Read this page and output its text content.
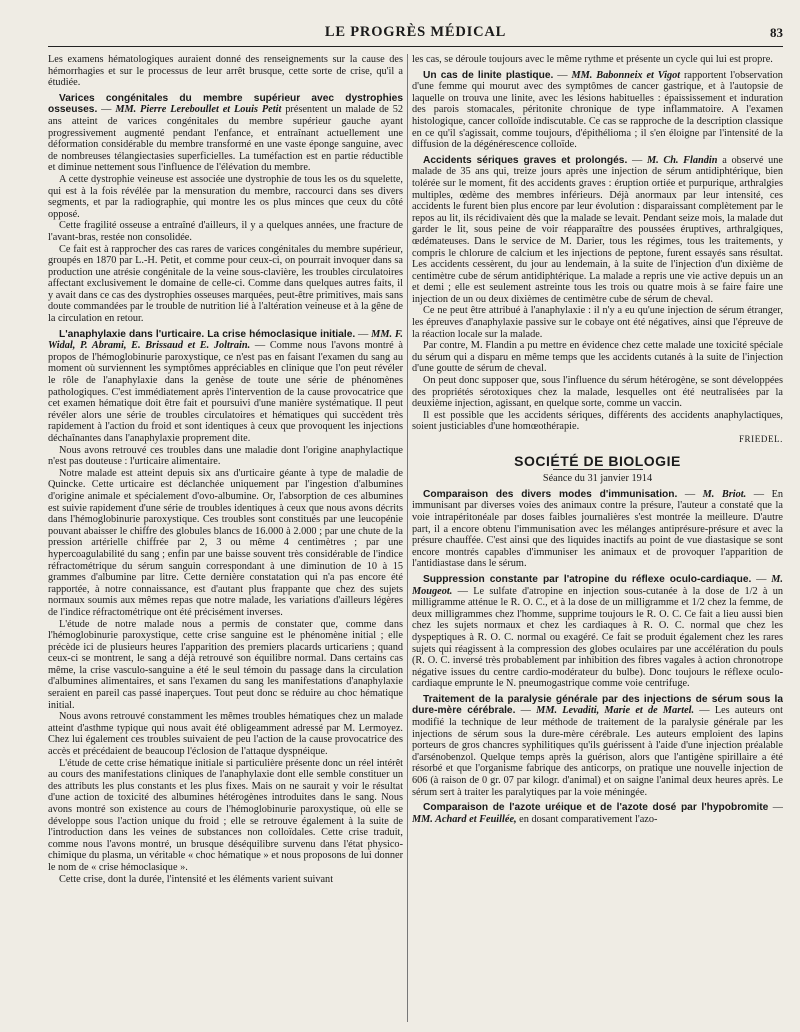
LE PROGRÈS MÉDICAL	83

Les examens hématologiques auraient donné des renseignements sur la cause des hémorrhagies et sur le processus de leur arrêt brusque, cette sorte de crise, qu'il a étudiée.

Varices congénitales du membre supérieur avec dystrophies osseuses. — MM. Pierre Lereboullet et Louis Petit présentent un malade de 52 ans atteint de varices congénitales du membre supérieur gauche ayant progressivement augmenté pendant l'enfance, et entraînant actuellement une déformation considérable du membre transformé en une vaste éponge sanguine, avec de nombreuses télangiectasies superficielles. La tuméfaction est en partie réductible et diminue nettement sous l'influence de l'élévation du membre.

A cette dystrophie veineuse est associée une dystrophie de tous les os du squelette, qui est à la fois révélée par la mensuration du membre, raccourci dans ses divers segments, et par la radiographie, qui montre les os plus minces que ceux du côté opposé.

Cette fragilité osseuse a entraîné d'ailleurs, il y a quelques années, une fracture de l'avant-bras, restée non consolidée.

Ce fait est à rapprocher des cas rares de varices congénitales du membre supérieur, groupés en 1870 par L.-H. Petit, et comme pour ceux-ci, on pourrait invoquer dans sa production une atrésie congénitale de la veine sous-clavière, les troubles circulatoires affectant exclusivement le domaine de celle-ci. Comme dans quelques autres faits, il y avait dans ce cas des dystrophies osseuses marquées, peut-être primitives, mais sans doute commandées par le trouble de nutrition lié à l'altération veineuse et à la gêne de la circulation en retour.

L'anaphylaxie dans l'urticaire. La crise hémoclasique initiale. — MM. F. Widal, P. Abrami, E. Brissaud et E. Joltrain. — Comme nous l'avons montré à propos de l'hémoglobinurie paroxystique, ce n'est pas en faisant l'examen du sang au moment où surviennent les symptômes appréciables en clinique que l'on peut révéler le rôle de l'anaphylaxie dans la genèse de toute une série de phénomènes pathologiques. C'est immédiatement après l'intervention de la cause provocatrice que cet examen hématique doit être fait et poursuivi d'une manière systématique. Il peut révéler alors une série de troubles circulatoires et hématiques qui succèdent très rapidement à l'action du froid et sont identiques à ceux que provoquent les injections déchaînantes dans l'anaphylaxie proprement dite.

Nous avons retrouvé ces troubles dans une maladie dont l'origine anaphylactique n'est pas douteuse : l'urticaire alimentaire.

Notre malade est atteint depuis six ans d'urticaire géante à type de maladie de Quincke. Cette urticaire est déclanchée uniquement par l'ingestion d'albumines d'origine animale et spécialement d'ovo-albumine. Or, l'absorption de ces albumines est suivie rapidement d'une série de troubles identiques à ceux que nous avons décrits dans l'hémoglobinurie paroxystique. Ces troubles sont constitués par une leucopénie pouvant abaisser le chiffre des globules blancs de 16.000 à 2.000 ; par une chute de la pression artérielle chiffrée par 2, 3 ou même 4 centimètres ; par une hypercoagulabilité du sang ; enfin par une baisse souvent très considérable de l'indice réfractométrique du sérum sanguin correspondant à une diminution de 10 à 15 grammes d'albumine par litre. Cette dernière constatation qui n'a pas encore été rapportée, à notre connaissance, est d'autant plus frappante que chez des sujets normaux soumis aux mêmes repas que notre malade, les variations d'ailleurs légères de l'indice réfractométrique ont été précisément inverses.

L'étude de notre malade nous a permis de constater que, comme dans l'hémoglobinurie paroxystique, cette crise sanguine est le phénomène initial ; elle précède ici de plusieurs heures l'apparition des premiers placards urticariens ; quand ceux-ci se montrent, le sang a déjà retrouvé son équilibre normal. Dans certains cas même, la crise vasculo-sanguine a été le seul témoin du passage dans la circulation d'albumines alimentaires, et sans l'examen du sang les manifestations d'anaphylaxie seraient en pareil cas passé inaperçues. Tout peut donc se réduire au choc hématique initial.

Nous avons retrouvé constamment les mêmes troubles hématiques chez un malade atteint d'asthme typique qui nous avait été obligeamment adressé par M. Lermoyez. Chez lui également ces troubles suivaient de peu l'action de la cause provocatrice des accès et précédaient de beaucoup l'éclosion de l'attaque dyspnéique.

L'étude de cette crise hématique initiale si particulière présente donc un réel intérêt au cours des manifestations cliniques de l'anaphylaxie dont elle semble constituer un des attributs les plus constants et les plus fixes. Mais on ne saurait y voir le résultat d'une action de toxicité des albumines hétérogènes introduites dans le sang. Nous avons montré son existence au cours de l'hémoglobinurie paroxystique, où elle se développe sous l'action unique du froid ; elle se retrouve également à la suite de l'introduction dans les veines de substances non colloïdales. Cette crise traduit, comme nous l'avons montré, un brusque déséquilibre survenu dans l'état physico-chimique du plasma, un véritable « choc hématique » et nous proposons de lui donner le nom de « crise hémoclasique ».

Cette crise, dont la durée, l'intensité et les éléments varient suivant

les cas, se déroule toujours avec le même rythme et présente un cycle qui lui est propre.

Un cas de linite plastique. — MM. Babonneix et Vigot rapportent l'observation d'une femme qui mourut avec des symptômes de cancer gastrique, et à l'autopsie de laquelle on trouva une linite, avec les lésions habituelles : épaississement et induration des parois stomacales, péritonite chronique de type inflammatoire. A l'examen histologique, cancer colloïde indiscutable. Ce cas se rapproche de la description classique en ce qu'il s'agissait, comme toujours, d'épithélioma ; il s'en éloigne par l'intensité de la diffusion de la dégénérescence colloïde.

Accidents sériques graves et prolongés. — M. Ch. Flandin a observé une malade de 35 ans qui, treize jours après une injection de sérum antidiphtérique, bien tolérée sur le moment, fit des accidents graves : éruption ortiée et purpurique, arthralgies multiples, œdème des membres inférieurs. Déjà anormaux par leur intensité, ces accidents le furent bien plus encore par leur évolution : disparaissant complètement par le repos au lit, ils récidivaient dès que la malade se levait. Pendant seize mois, la malade dut garder le lit, sous peine de voir réapparaître des poussées éruptives, arthralgiques, œdémateuses. Dans le service de M. Darier, tous les régimes, tous les traitements, y compris le chlorure de calcium et les injections de peptone, furent essayés sans résultat. Les accidents cessèrent, du jour au lendemain, à la suite de l'injection d'un dixième de centimètre cube de sérum antidiphtérique. La malade a repris une vie active depuis un an et demi ; elle est seulement astreinte tous les trois ou quatre mois à se faire faire une injection de un ou deux dixièmes de centimètre cube de sérum de cheval.

Ce ne peut être attribué à l'anaphylaxie : il n'y a eu qu'une injection de sérum étranger, les épreuves d'anaphylaxie passive sur le cobaye ont été négatives, ainsi que l'épreuve de la réaction locale sur la malade.

Par contre, M. Flandin a pu mettre en évidence chez cette malade une toxicité spéciale du sérum qui a disparu en même temps que les accidents cutanés à la suite de l'injection d'une goutte de sérum de cheval.

On peut donc supposer que, sous l'influence du sérum hétérogène, se sont développées des propriétés sérotoxiques chez la malade, lesquelles ont été neutralisées par la deuxième injection, agissant, en quelque sorte, comme un vaccin.

Il est possible que les accidents sériques, différents des accidents anaphylactiques, soient justiciables d'une homœothérapie.

FRIEDEL.
SOCIÉTÉ DE BIOLOGIE
Séance du 31 janvier 1914

Comparaison des divers modes d'immunisation. — M. Briot. — En immunisant par diverses voies des animaux contre la présure, l'auteur a constaté que la voie intrapéritonéale par doses faibles journalières s'est montrée la meilleure. D'autre part, il a encore obtenu l'immunisation avec les mélanges antiprésure-présure et avec la présure chauffée. C'est ainsi que des liquides inactifs au point de vue diastasique se sont encore montrés capables d'immuniser les animaux et de provoquer l'apparition de l'antidiastase dans le sérum.

Suppression constante par l'atropine du réflexe oculo-cardiaque. — M. Mougeot. — Le sulfate d'atropine en injection sous-cutanée à la dose de 1/2 à un milligramme atténue le R. O. C., et à la dose de un milligramme et 1/2 chez la femme, de deux milligrammes chez l'homme, supprime toujours le R. O. C. Ce fait a lieu aussi bien chez les sujets normaux et chez les cardiaques à R. O. C. normal que chez les dyspeptiques à R. O. C. normal ou exagéré. Ce fait se produit également chez les rares sujets qui réagissent à la compression des globes oculaires par une accélération du pouls (R. O. C. inversé très probablement par inhibition des fibres vagales à action chronotrope négative issues du centre cardio-modérateur du bulbe). Donc toujours le réflexe oculo-cardiaque emprunte le N. pneumogastrique comme voie centrifuge.

Traitement de la paralysie générale par des injections de sérum sous la dure-mère cérébrale. — MM. Levaditi, Marie et de Martel. — Les auteurs ont modifié la technique de leur méthode de traitement de la paralysie générale par les injections de sérum sous la dure-mère cérébrale. Les auteurs emploient des lapins porteurs de gros chancres syphilitiques qu'ils guérissent à l'aide d'une injection préalable d'arsénobenzol. Quelque temps après la guérison, alors que l'antigène spirillaire a été résorbé et que l'organisme fabrique des anticorps, on pratique une nouvelle injection de 606 (à raison de 0 gr. 07 par kilogr. d'animal) et on saigne l'animal deux heures après. Le sérum sert à traiter les paralytiques par la voie méningée.

Comparaison de l'azote uréique et de l'azote dosé par l'hypobromite — MM. Achard et Feuillée, en dosant comparativement l'azo-
